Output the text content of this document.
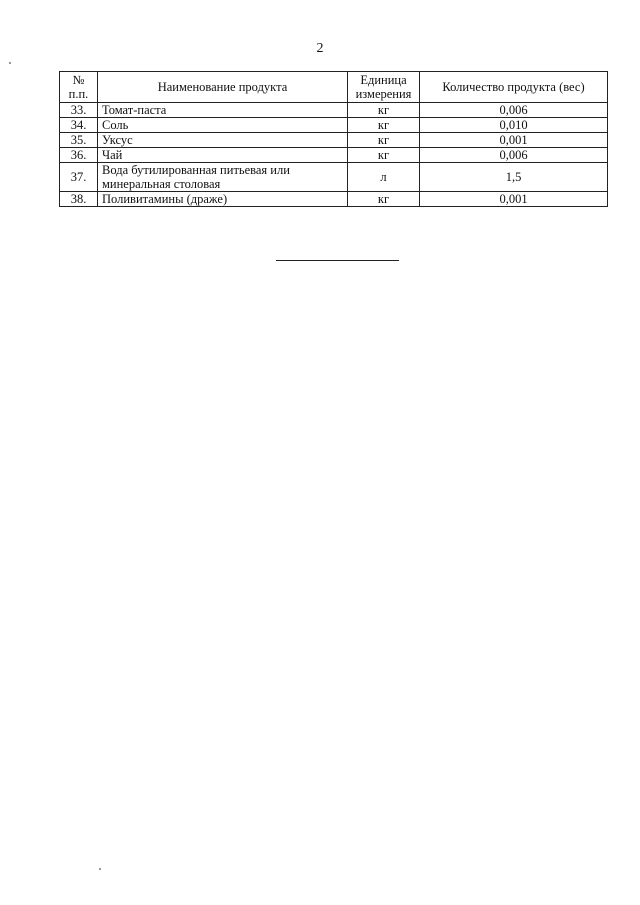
2
№ п.п.	Наименование продукта	Единица измерения	Количество продукта (вес)
33.	Томат-паста	кг	0,006
34.	Соль	кг	0,010
35.	Уксус	кг	0,001
36.	Чай	кг	0,006
37.	Вода бутилированная питьевая или минеральная столовая	л	1,5
38.	Поливитамины (драже)	кг	0,001
